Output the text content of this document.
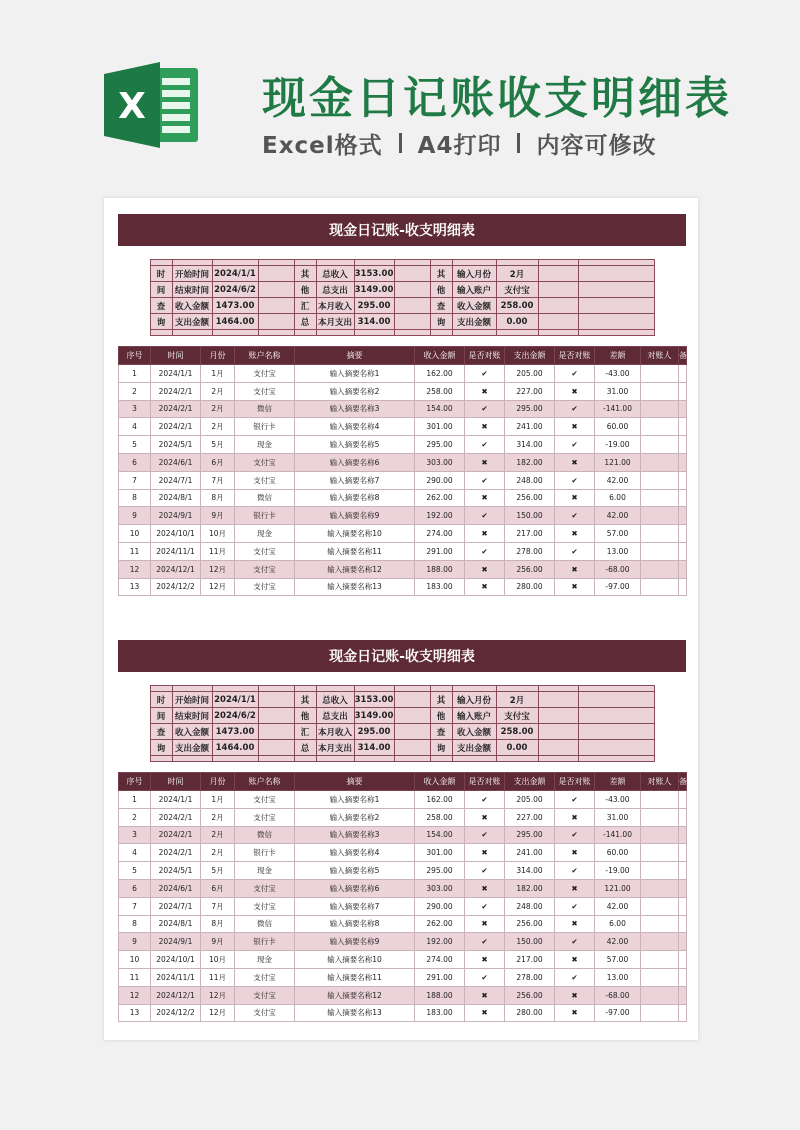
X	现金日记账收支明细表
Excel格式 A4打印 内容可修改
现金日记账-收支明细表

时	开始时间	2024/1/1		其	总收入	3153.00		其	输入月份	2月		
间	结束时间	2024/6/2		他	总支出	3149.00		他	输入账户	支付宝		
查	收入金额	1473.00		汇	本月收入	295.00		查	收入金额	258.00		
询	支出金额	1464.00		总	本月支出	314.00		询	支出金额	0.00		

序号	时间	月份	账户名称	摘要	收入金额	是否对账	支出金额	是否对账	差额	对账人	备注
1	2024/1/1	1月	支付宝	输入摘要名称1	162.00	✔	205.00	✔	-43.00		
2	2024/2/1	2月	支付宝	输入摘要名称2	258.00	✖	227.00	✖	31.00		
3	2024/2/1	2月	微信	输入摘要名称3	154.00	✔	295.00	✔	-141.00		
4	2024/2/1	2月	银行卡	输入摘要名称4	301.00	✖	241.00	✖	60.00		
5	2024/5/1	5月	现金	输入摘要名称5	295.00	✔	314.00	✔	-19.00		
6	2024/6/1	6月	支付宝	输入摘要名称6	303.00	✖	182.00	✖	121.00		
7	2024/7/1	7月	支付宝	输入摘要名称7	290.00	✔	248.00	✔	42.00		
8	2024/8/1	8月	微信	输入摘要名称8	262.00	✖	256.00	✖	6.00		
9	2024/9/1	9月	银行卡	输入摘要名称9	192.00	✔	150.00	✔	42.00		
10	2024/10/1	10月	现金	输入摘要名称10	274.00	✖	217.00	✖	57.00		
11	2024/11/1	11月	支付宝	输入摘要名称11	291.00	✔	278.00	✔	13.00		
12	2024/12/1	12月	支付宝	输入摘要名称12	188.00	✖	256.00	✖	-68.00		
13	2024/12/2	12月	支付宝	输入摘要名称13	183.00	✖	280.00	✖	-97.00		
现金日记账-收支明细表

时	开始时间	2024/1/1		其	总收入	3153.00		其	输入月份	2月		
间	结束时间	2024/6/2		他	总支出	3149.00		他	输入账户	支付宝		
查	收入金额	1473.00		汇	本月收入	295.00		查	收入金额	258.00		
询	支出金额	1464.00		总	本月支出	314.00		询	支出金额	0.00		

序号	时间	月份	账户名称	摘要	收入金额	是否对账	支出金额	是否对账	差额	对账人	备注
1	2024/1/1	1月	支付宝	输入摘要名称1	162.00	✔	205.00	✔	-43.00		
2	2024/2/1	2月	支付宝	输入摘要名称2	258.00	✖	227.00	✖	31.00		
3	2024/2/1	2月	微信	输入摘要名称3	154.00	✔	295.00	✔	-141.00		
4	2024/2/1	2月	银行卡	输入摘要名称4	301.00	✖	241.00	✖	60.00		
5	2024/5/1	5月	现金	输入摘要名称5	295.00	✔	314.00	✔	-19.00		
6	2024/6/1	6月	支付宝	输入摘要名称6	303.00	✖	182.00	✖	121.00		
7	2024/7/1	7月	支付宝	输入摘要名称7	290.00	✔	248.00	✔	42.00		
8	2024/8/1	8月	微信	输入摘要名称8	262.00	✖	256.00	✖	6.00		
9	2024/9/1	9月	银行卡	输入摘要名称9	192.00	✔	150.00	✔	42.00		
10	2024/10/1	10月	现金	输入摘要名称10	274.00	✖	217.00	✖	57.00		
11	2024/11/1	11月	支付宝	输入摘要名称11	291.00	✔	278.00	✔	13.00		
12	2024/12/1	12月	支付宝	输入摘要名称12	188.00	✖	256.00	✖	-68.00		
13	2024/12/2	12月	支付宝	输入摘要名称13	183.00	✖	280.00	✖	-97.00		
